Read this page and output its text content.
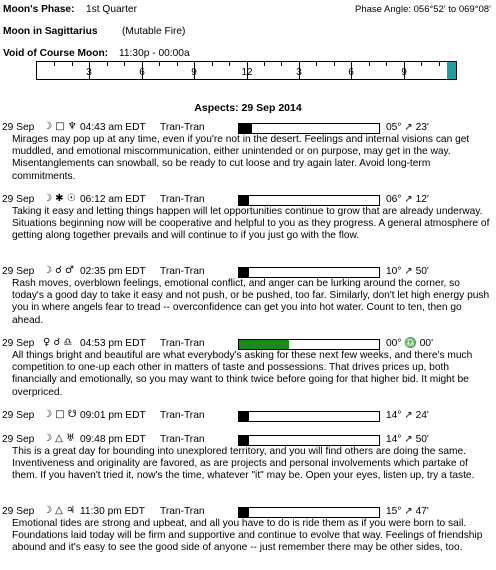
Moon's Phase: 1st Quarter	Phase Angle: 056°52' to 069°08'
Moon in Sagittarius (Mutable Fire)
Void of Course Moon: 11:30p - 00:00a
3	6	9	12	3	6	9
Aspects: 29 Sep 2014
29 Sep ☽ □ ♆ 04:43 am EDT Tran-Tran	05° ↗ 23'
Mirages may pop up at any time, even if you're not in the desert. Feelings and internal visions can get muddled, and emotional miscommunication, either unintended or on purpose, may get in the way. Misentanglements can snowball, so be ready to cut loose and try again later. Avoid long-term commitments.
29 Sep ☽ ✱ ☉ 06:12 am EDT Tran-Tran	06° ↗ 12'
Taking it easy and letting things happen will let opportunities continue to grow that are already underway. Situations beginning now will be cooperative and helpful to you as they progress. A general atmosphere of getting along together prevails and will continue to if you just go with the flow.
29 Sep ☽ ☌ ♂ 02:35 pm EDT Tran-Tran	10° ↗ 50'
Rash moves, overblown feelings, emotional conflict, and anger can be lurking around the corner, so today's a good day to take it easy and not push, or be pushed, too far. Similarly, don't let high energy push you in where angels fear to tread -- overconfidence can get you into hot water. Count to ten, then go ahead.
29 Sep ♀ ☌ ♎ 04:53 pm EDT Tran-Tran	00° ♎ 00'
All things bright and beautiful are what everybody's asking for these next few weeks, and there's much competition to one-up each other in matters of taste and possessions. That drives prices up, both financially and emotionally, so you may want to think twice before going for that higher bid. It might be overpriced.
29 Sep ☽ □ ☋ 09:01 pm EDT Tran-Tran	14° ↗ 24'
29 Sep ☽ △ ♅ 09:48 pm EDT Tran-Tran	14° ↗ 50'
This is a great day for bounding into unexplored territory, and you will find others are doing the same. Inventiveness and originality are favored, as are projects and personal involvements which partake of them. If you haven't tried it, now's the time, whatever "it" may be. Open your eyes, listen up, try a taste.
29 Sep ☽ △ ♃ 11:30 pm EDT Tran-Tran	15° ↗ 47'
Emotional tides are strong and upbeat, and all you have to do is ride them as if you were born to sail. Foundations laid today will be firm and supportive and continue to evolve that way. Feelings of friendship abound and it's easy to see the good side of anyone -- just remember there may be other sides, too.
